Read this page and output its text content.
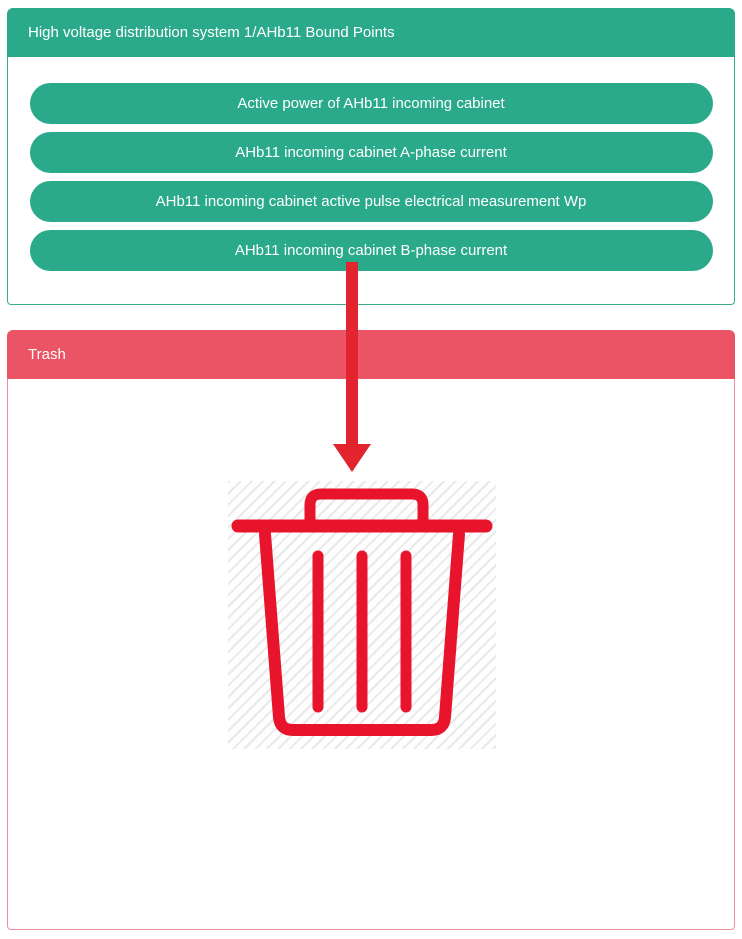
High voltage distribution system 1/AHb11 Bound Points
Active power of AHb11 incoming cabinet
AHb11 incoming cabinet A-phase current
AHb11 incoming cabinet active pulse electrical measurement Wp
AHb11 incoming cabinet B-phase current
Trash
